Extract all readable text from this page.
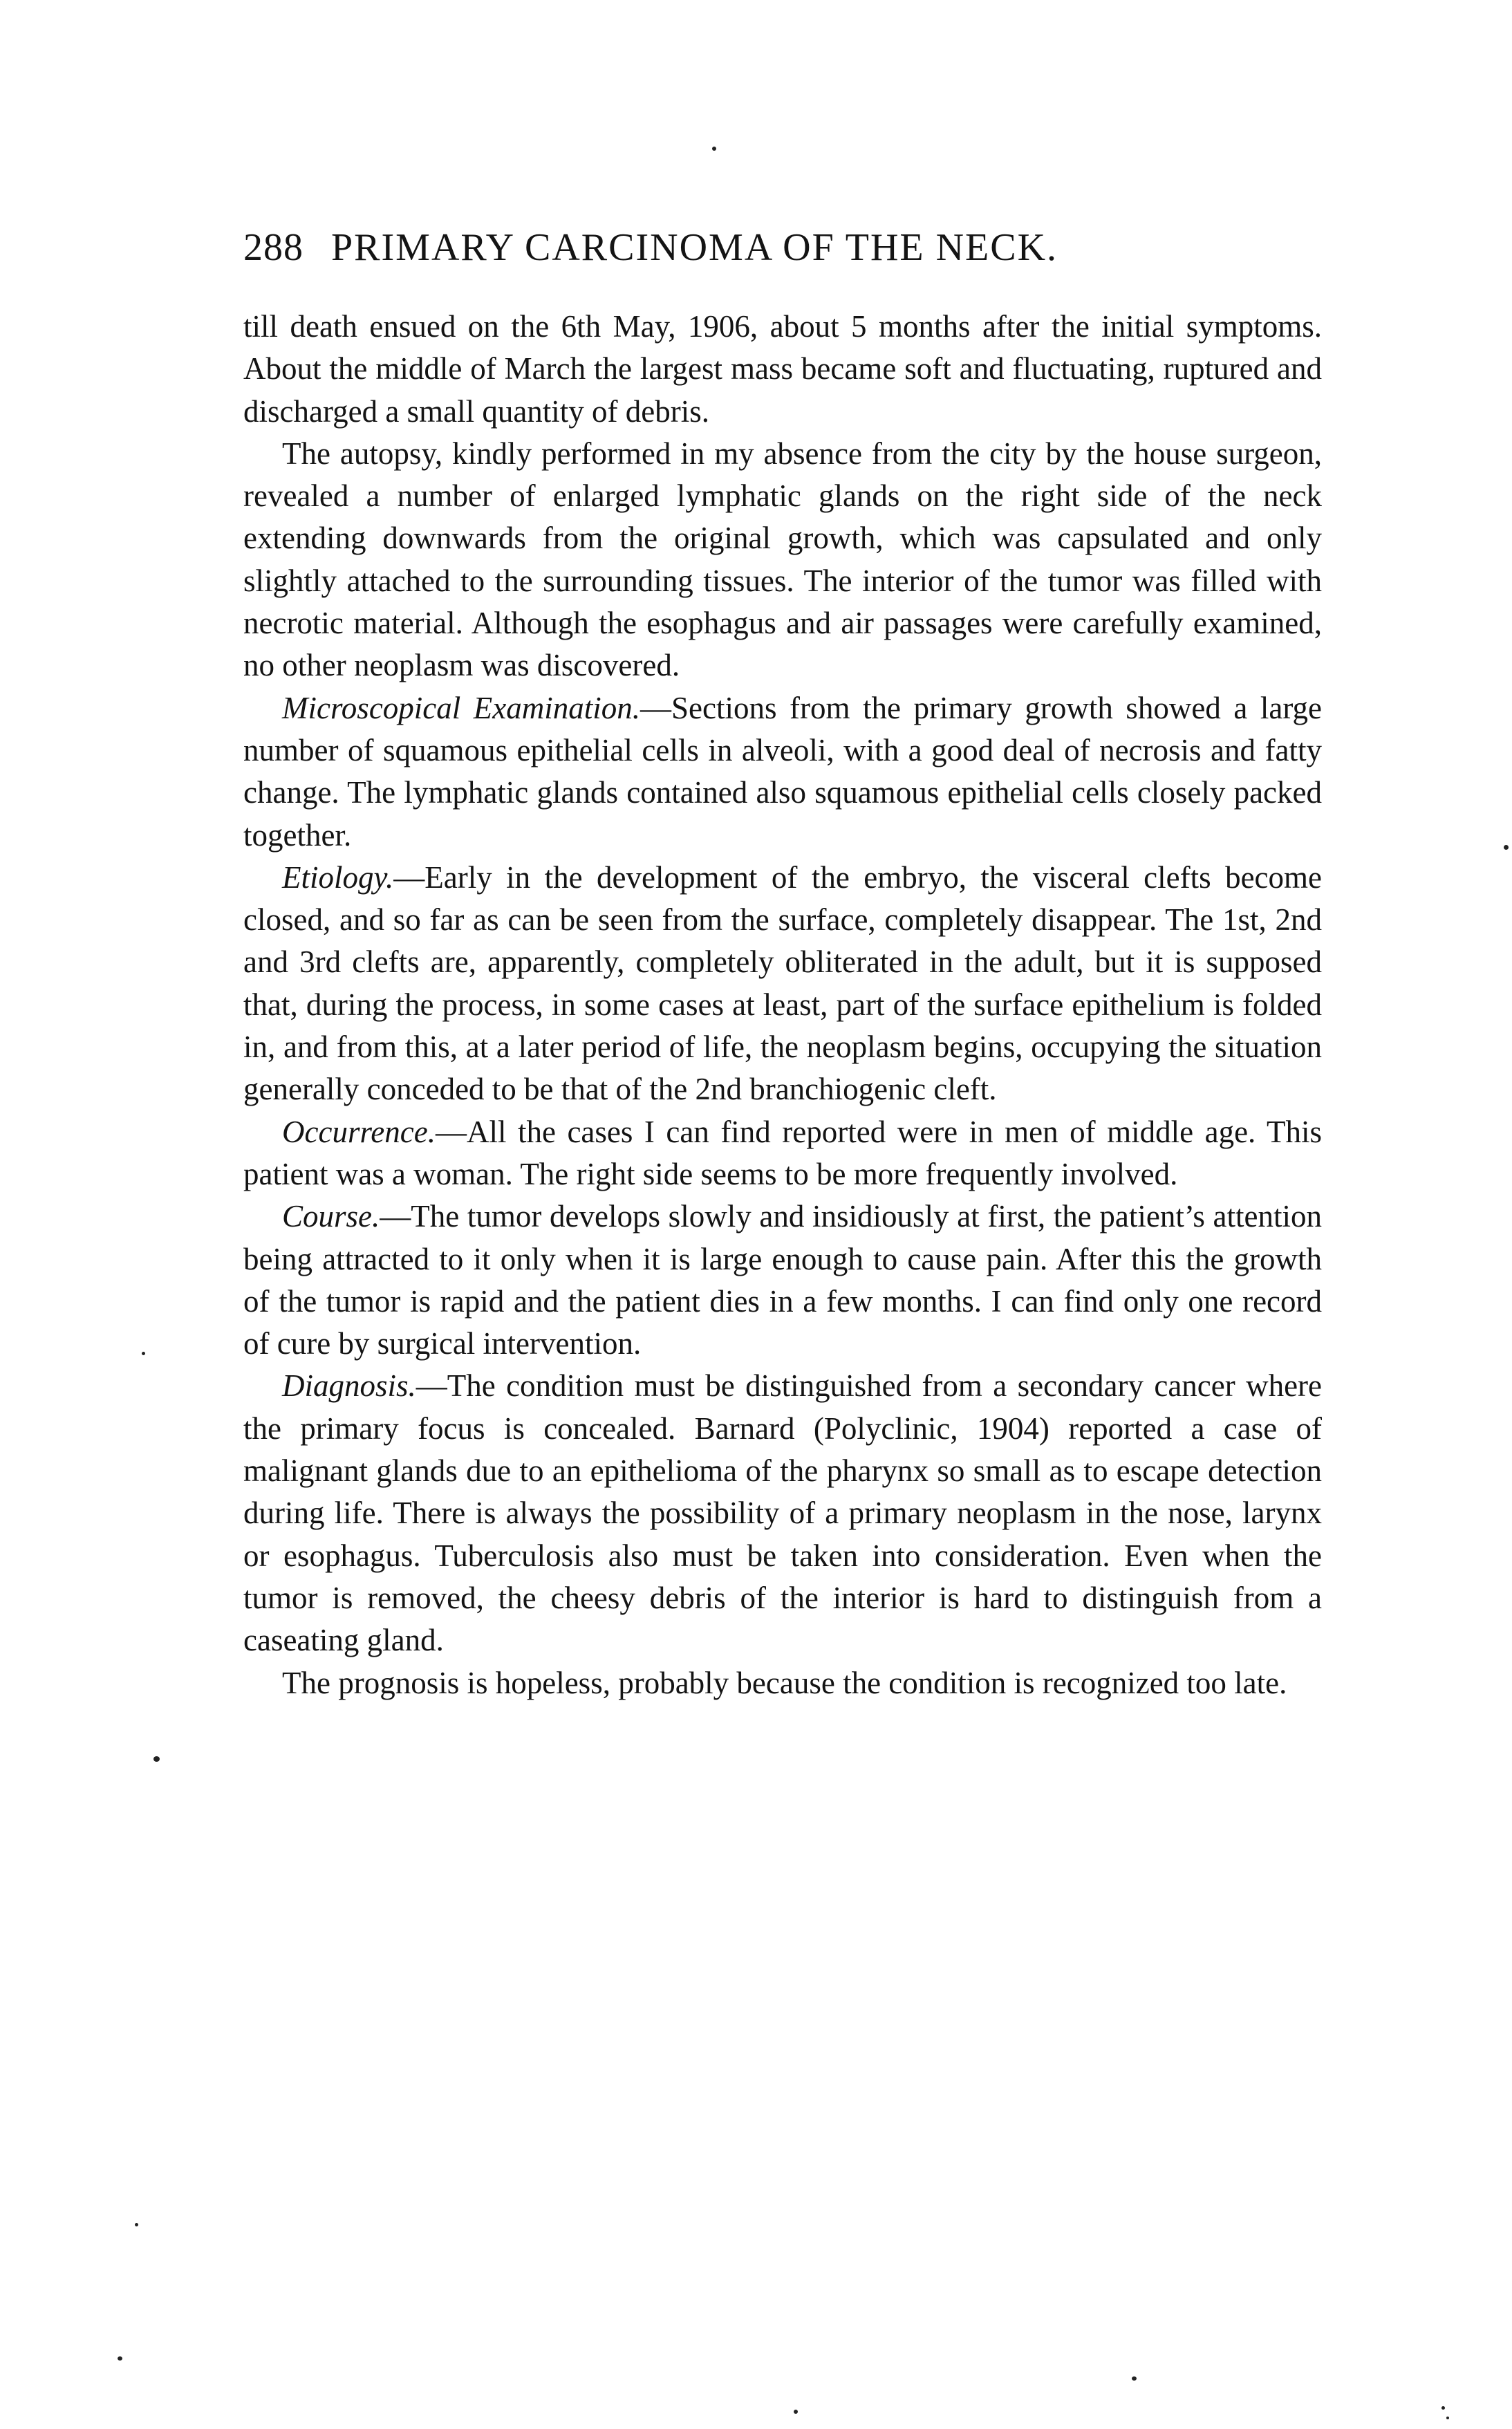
288 PRIMARY CARCINOMA OF THE NECK.

till death ensued on the 6th May, 1906, about 5 months after the initial symptoms. About the middle of March the largest mass became soft and fluctuating, ruptured and discharged a small quantity of debris.

The autopsy, kindly performed in my absence from the city by the house surgeon, revealed a number of enlarged lymphatic glands on the right side of the neck extending downwards from the original growth, which was capsulated and only slightly attached to the surrounding tissues. The interior of the tumor was filled with necrotic material. Although the esophagus and air passages were carefully examined, no other neoplasm was discovered.

Microscopical Examination.—Sections from the primary growth showed a large number of squamous epithelial cells in alveoli, with a good deal of necrosis and fatty change. The lymphatic glands contained also squamous epithelial cells closely packed together.

Etiology.—Early in the development of the embryo, the visceral clefts become closed, and so far as can be seen from the surface, completely disappear. The 1st, 2nd and 3rd clefts are, apparently, completely obliterated in the adult, but it is supposed that, during the process, in some cases at least, part of the surface epithelium is folded in, and from this, at a later period of life, the neoplasm begins, occupying the situation generally conceded to be that of the 2nd branchiogenic cleft.

Occurrence.—All the cases I can find reported were in men of middle age. This patient was a woman. The right side seems to be more frequently involved.

Course.—The tumor develops slowly and insidiously at first, the patient’s attention being attracted to it only when it is large enough to cause pain. After this the growth of the tumor is rapid and the patient dies in a few months. I can find only one record of cure by surgical intervention.

Diagnosis.—The condition must be distinguished from a secondary cancer where the primary focus is concealed. Barnard (Polyclinic, 1904) reported a case of malignant glands due to an epithelioma of the pharynx so small as to escape detection during life. There is always the possibility of a primary neoplasm in the nose, larynx or esophagus. Tuberculosis also must be taken into consideration. Even when the tumor is removed, the cheesy debris of the interior is hard to distinguish from a caseating gland.

The prognosis is hopeless, probably because the condition is recognized too late.
